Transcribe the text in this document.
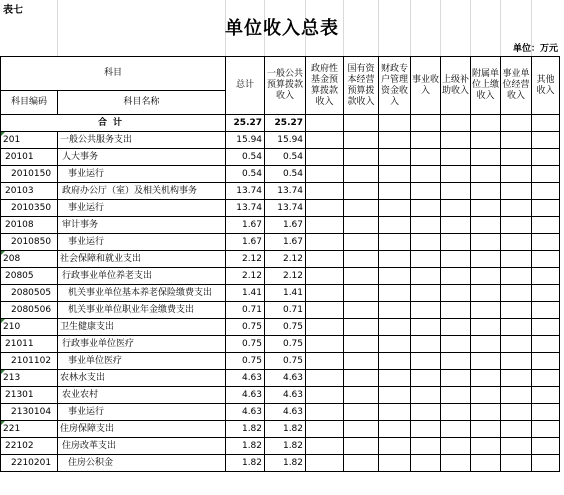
表七
单位收入总表
单位：万元
科目		总计	一般公共预算拨款收入	政府性基金预算拨款收入	国有资本经营预算拨款收入	财政专户管理资金收入	事业收入	上级补助收入	附属单位上缴收入	事业单位经营收入	其他收入
科目编码	科目名称										
合计		25.27	25.27								

201	一般公共服务支出	15.94	15.94								
20101	人大事务	0.54	0.54								
2010150	事业运行	0.54	0.54								
20103	政府办公厅（室）及相关机构事务	13.74	13.74								
2010350	事业运行	13.74	13.74								
20108	审计事务	1.67	1.67								
2010850	事业运行	1.67	1.67								

208	社会保障和就业支出	2.12	2.12								
20805	行政事业单位养老支出	2.12	2.12								
2080505	机关事业单位基本养老保险缴费支出	1.41	1.41								
2080506	机关事业单位职业年金缴费支出	0.71	0.71								

210	卫生健康支出	0.75	0.75								
21011	行政事业单位医疗	0.75	0.75								
2101102	事业单位医疗	0.75	0.75								

213	农林水支出	4.63	4.63								
21301	农业农村	4.63	4.63								
2130104	事业运行	4.63	4.63								

221	住房保障支出	1.82	1.82								
22102	住房改革支出	1.82	1.82								
2210201	住房公积金	1.82	1.82								
